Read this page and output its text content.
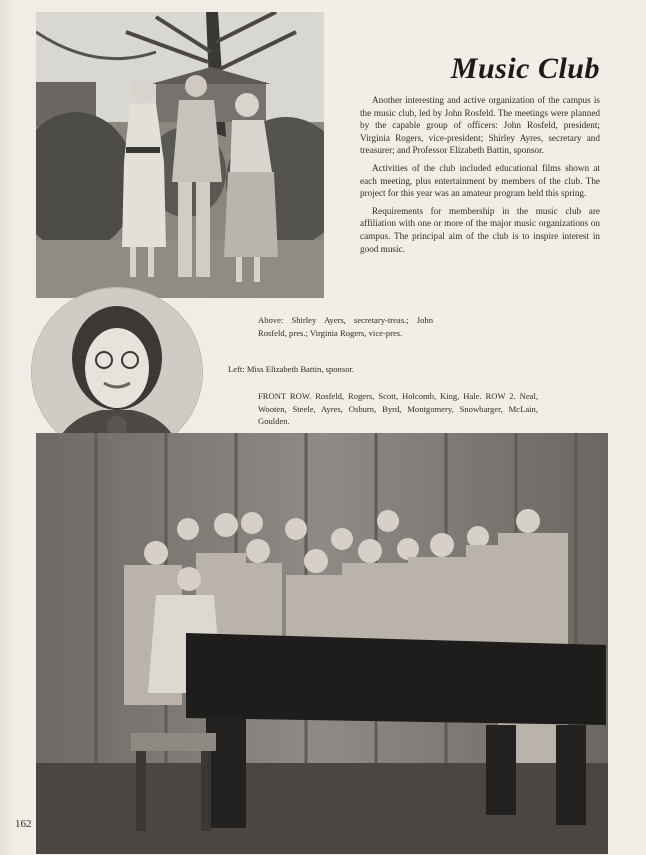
Music Club

Another interesting and active organization of the campus is the music club, led by John Rosfeld. The meetings were planned by the capable group of officers: John Rosfeld, president; Virginia Rogers, vice-president; Shirley Ayres, secretary and treasurer; and Professor Elizabeth Battin, sponsor.

Activities of the club included educational films shown at each meeting, plus entertainment by members of the club. The project for this year was an amateur program held this spring.

Requirements for membership in the music club are affiliation with one or more of the major music organizations on campus. The principal aim of the club is to inspire interest in good music.

Above: Shirley Ayers, secretary-treas.; John Rosfeld, pres.; Virginia Rogers, vice-pres.
Left: Miss Elizabeth Battin, sponsor.
FRONT ROW. Rosfeld, Rogers, Scott, Holcomb, King, Hale. ROW 2. Neal, Wooten, Steele, Ayres, Osburn, Byrd, Montgomery, Snowbarger, McLain, Goulden.
162
